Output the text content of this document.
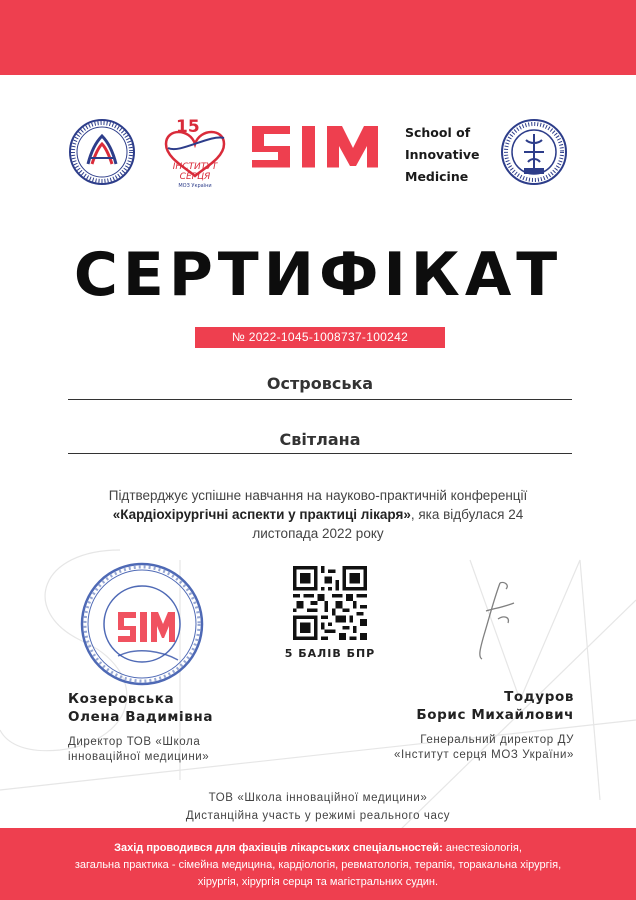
15
ІНСТИТУТ
СЕРЦЯ
МОЗ України
School of
Innovative
Medicine
СЕРТИФІКАТ
№ 2022-1045-1008737-100242
Островська
Світлана
Підтверджує успішне навчання на науково-практичній конференції «Кардіохірургічні аспекти у практиці лікаря», яка відбулася 24 листопада 2022 року
5 БАЛІВ БПР
Козеровська
Олена Вадимівна
Директор ТОВ «Школа
інноваційної медицини»
Тодуров
Борис Михайлович
Генеральний директор ДУ
«Інститут серця МОЗ України»
ТОВ «Школа інноваційної медицини»
Дистанційна участь у режимі реального часу
Захід проводився для фахівців лікарських спеціальностей: анестезіологія,
загальна практика - сімейна медицина, кардіологія, ревматологія, терапія, торакальна хірургія,
хірургія, хірургія серця та магістральних судин.
